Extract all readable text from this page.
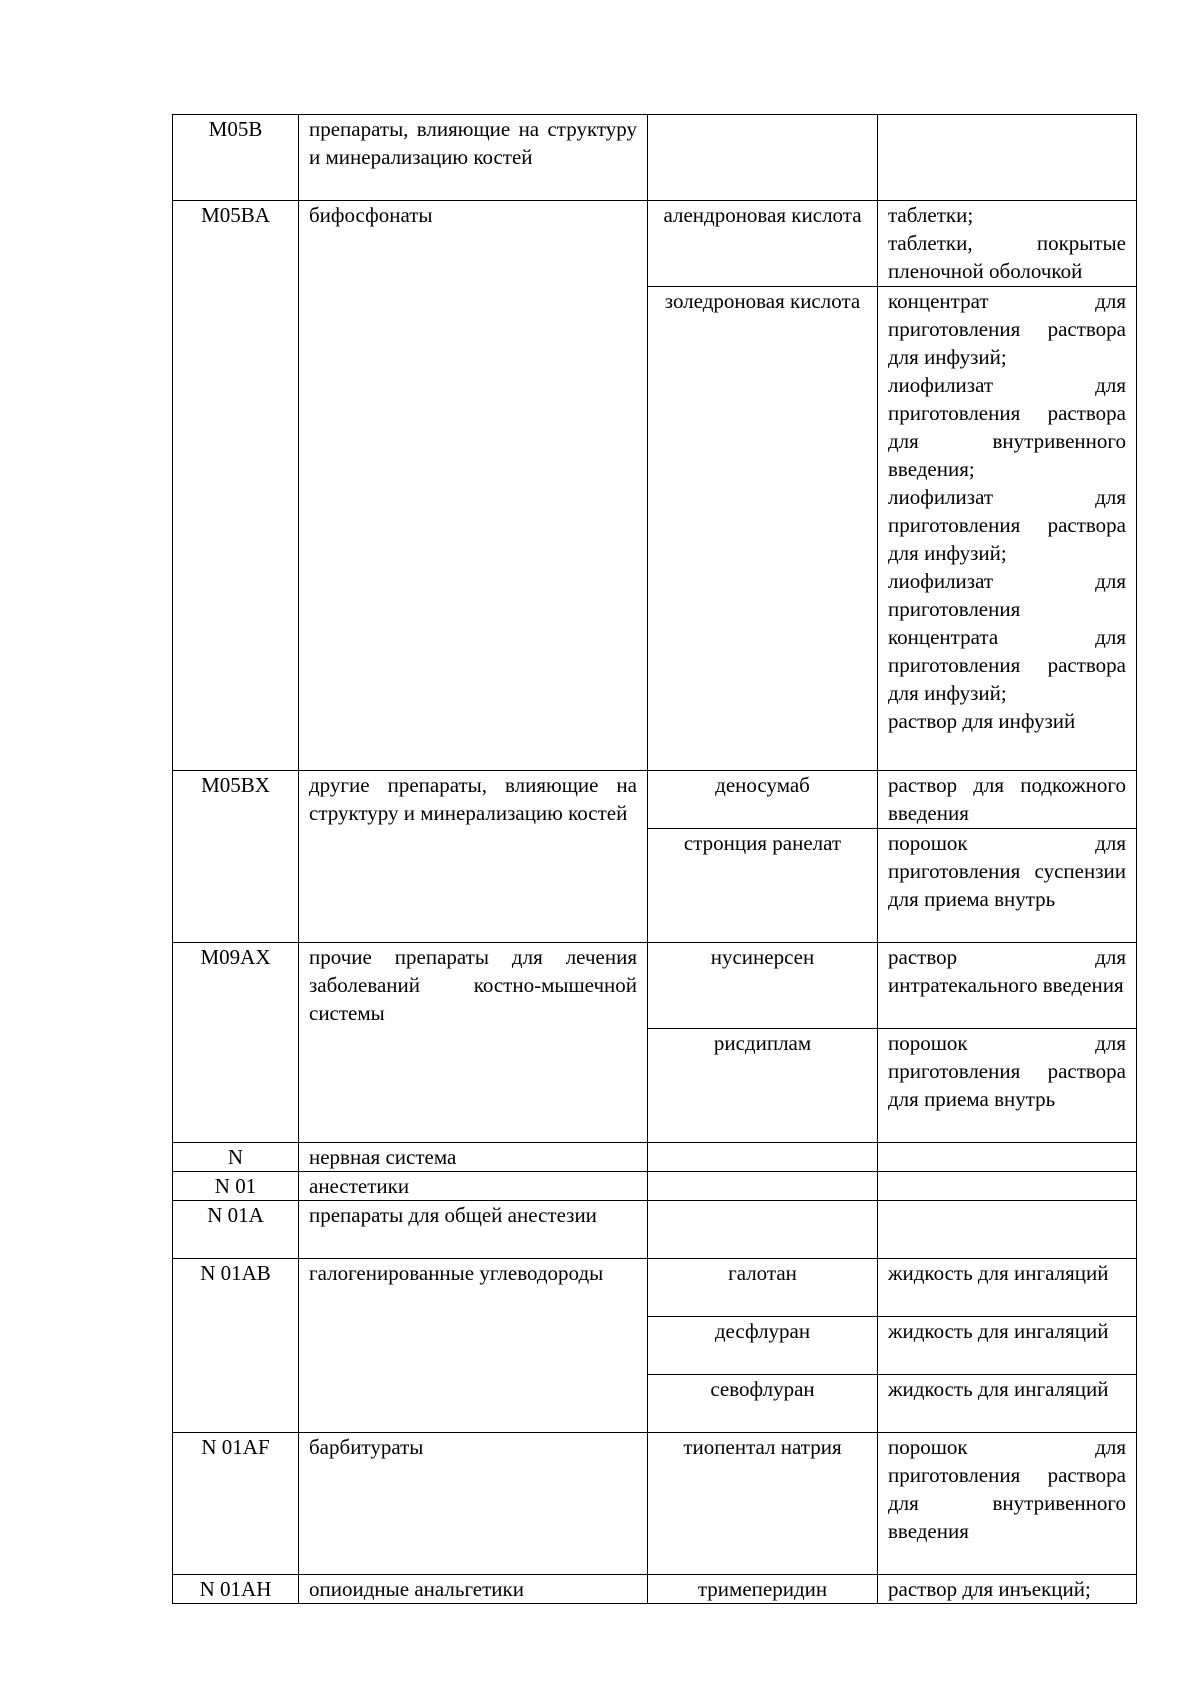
M05B	препараты, влияющие на структуру и минерализацию костей		
M05BA	бифосфонаты	алендроновая кислота	таблетки;
таблетки, покрытые пленочной оболочкой

		золедроновая кислота	концентрат для приготовления раствора для инфузий;
лиофилизат для приготовления раствора для внутривенного введения;
лиофилизат для приготовления раствора для инфузий;
лиофилизат для приготовления концентрата для приготовления раствора для инфузий;
раствор для инфузий

M05BX	другие препараты, влияющие на структуру и минерализацию костей	деносумаб	раствор для подкожного введения

		стронция ранелат	порошок для приготовления суспензии для приема внутрь

M09AX	прочие препараты для лечения заболеваний костно-мышечной системы	нусинерсен	раствор для интратекального введения

		рисдиплам	порошок для приготовления раствора для приема внутрь

N	нервная система		
N 01	анестетики		
N 01A	препараты для общей анестезии		
N 01AB	галогенированные углеводороды	галотан	жидкость для ингаляций

		десфлуран	жидкость для ингаляций

		севофлуран	жидкость для ингаляций

N 01AF	барбитураты	тиопентал натрия	порошок для приготовления раствора для внутривенного введения

N 01AH	опиоидные анальгетики	тримеперидин	раствор для инъекций;
